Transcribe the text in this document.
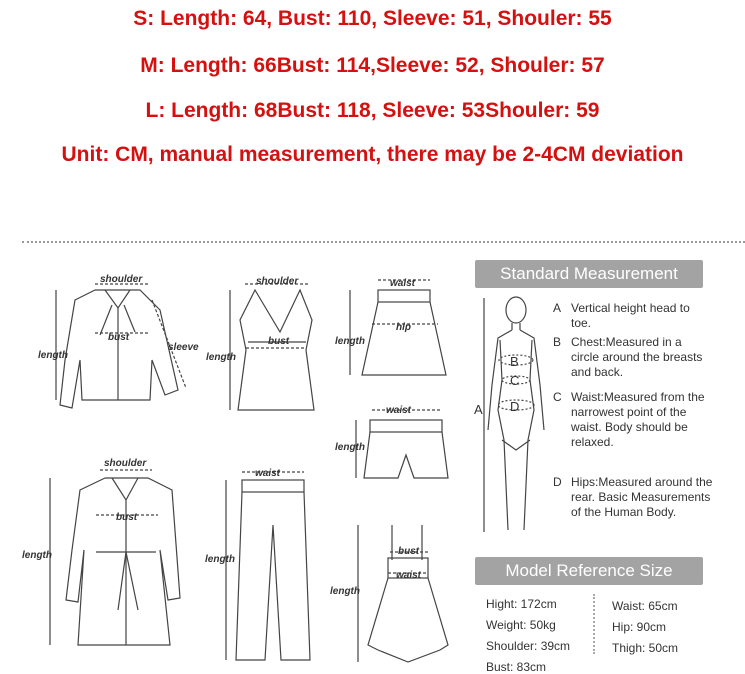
S: Length: 64, Bust: 110, Sleeve: 51, Shouler: 55
M: Length: 66Bust: 114,Sleeve: 52, Shouler: 57
L: Length: 68Bust: 118, Sleeve: 53Shouler: 59
Unit: CM, manual measurement, there may be 2-4CM deviation
shoulder
bust
sleeve
length
shoulder
bust
length
waist
hip
length
waist
length
shoulder
bust
length
waist
length
bust
waist
length
Standard Measurement
B
C
D
A
A Vertical height head to toe.
B Chest:Measured in a circle around the breasts and back.
C Waist:Measured from the narrowest point of the waist. Body should be relaxed.
D Hips:Measured around the rear. Basic Measurements of the Human Body.
Model Reference Size
Hight: 172cm
Weight: 50kg
Shoulder: 39cm
Bust: 83cm
Waist: 65cm
Hip: 90cm
Thigh: 50cm
